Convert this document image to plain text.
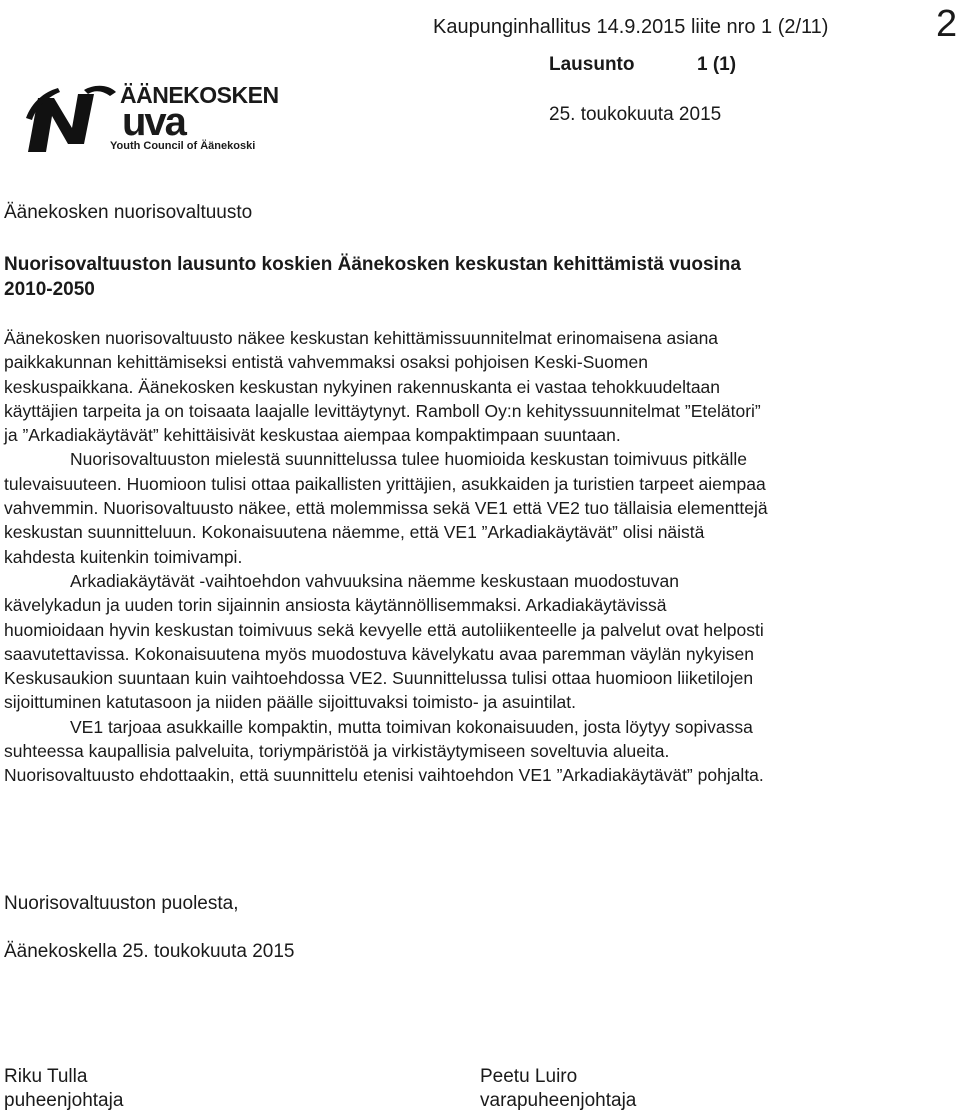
Kaupunginhallitus 14.9.2015 liite nro 1 (2/11)	2
Lausunto	1 (1)
25. toukokuuta 2015
ÄÄNEKOSKEN
uva
Youth Council of Äänekoski
Äänekosken nuorisovaltuusto
Nuorisovaltuuston lausunto koskien Äänekosken keskustan kehittämistä vuosina
2010-2050
Äänekosken nuorisovaltuusto näkee keskustan kehittämissuunnitelmat erinomaisena asiana
paikkakunnan kehittämiseksi entistä vahvemmaksi osaksi pohjoisen Keski-Suomen
keskuspaikkana. Äänekosken keskustan nykyinen rakennuskanta ei vastaa tehokkuudeltaan
käyttäjien tarpeita ja on toisaata laajalle levittäytynyt. Ramboll Oy:n kehityssuunnitelmat ”Etelätori”
ja ”Arkadiakäytävät” kehittäisivät keskustaa aiempaa kompaktimpaan suuntaan.
Nuorisovaltuuston mielestä suunnittelussa tulee huomioida keskustan toimivuus pitkälle
tulevaisuuteen. Huomioon tulisi ottaa paikallisten yrittäjien, asukkaiden ja turistien tarpeet aiempaa
vahvemmin. Nuorisovaltuusto näkee, että molemmissa sekä VE1 että VE2 tuo tällaisia elementtejä
keskustan suunnitteluun. Kokonaisuutena näemme, että VE1 ”Arkadiakäytävät” olisi näistä
kahdesta kuitenkin toimivampi.
Arkadiakäytävät -vaihtoehdon vahvuuksina näemme keskustaan muodostuvan
kävelykadun ja uuden torin sijainnin ansiosta käytännöllisemmaksi. Arkadiakäytävissä
huomioidaan hyvin keskustan toimivuus sekä kevyelle että autoliikenteelle ja palvelut ovat helposti
saavutettavissa. Kokonaisuutena myös muodostuva kävelykatu avaa paremman väylän nykyisen
Keskusaukion suuntaan kuin vaihtoehdossa VE2. Suunnittelussa tulisi ottaa huomioon liiketilojen
sijoittuminen katutasoon ja niiden päälle sijoittuvaksi toimisto- ja asuintilat.
VE1 tarjoaa asukkaille kompaktin, mutta toimivan kokonaisuuden, josta löytyy sopivassa
suhteessa kaupallisia palveluita, toriympäristöä ja virkistäytymiseen soveltuvia alueita.
Nuorisovaltuusto ehdottaakin, että suunnittelu etenisi vaihtoehdon VE1 ”Arkadiakäytävät” pohjalta.
Nuorisovaltuuston puolesta,
Äänekoskella 25. toukokuuta 2015
Riku Tulla
puheenjohtaja
Peetu Luiro
varapuheenjohtaja
